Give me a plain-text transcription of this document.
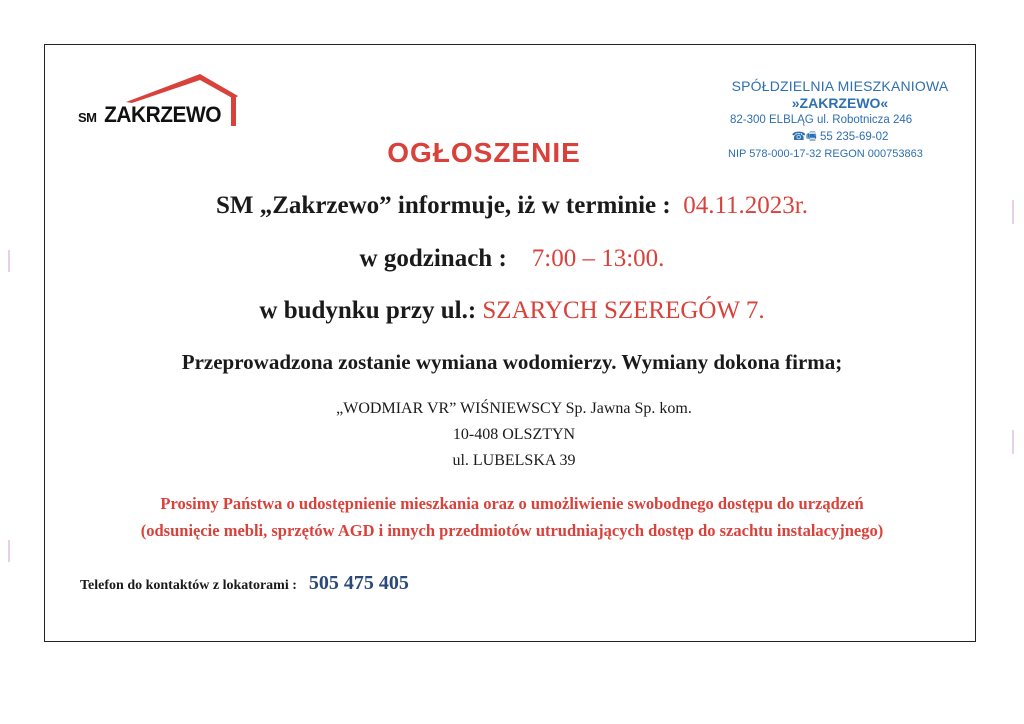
SM ZAKRZEWO
SPÓŁDZIELNIA MIESZKANIOWA
»ZAKRZEWO«
82-300 ELBLĄG ul. Robotnicza 246
☎🖷 55 235-69-02
NIP 578-000-17-32 REGON 000753863
OGŁOSZENIE
SM „Zakrzewo” informuje, iż w terminie : 04.11.2023r.
w godzinach : 7:00 – 13:00.
w budynku przy ul.: SZARYCH SZEREGÓW 7.
Przeprowadzona zostanie wymiana wodomierzy. Wymiany dokona firma;
„WODMIAR VR” WIŚNIEWSCY Sp. Jawna Sp. kom.
10-408 OLSZTYN
ul. LUBELSKA 39
Prosimy Państwa o udostępnienie mieszkania oraz o umożliwienie swobodnego dostępu do urządzeń
(odsunięcie mebli, sprzętów AGD i innych przedmiotów utrudniających dostęp do szachtu instalacyjnego)
Telefon do kontaktów z lokatorami : 505 475 405
